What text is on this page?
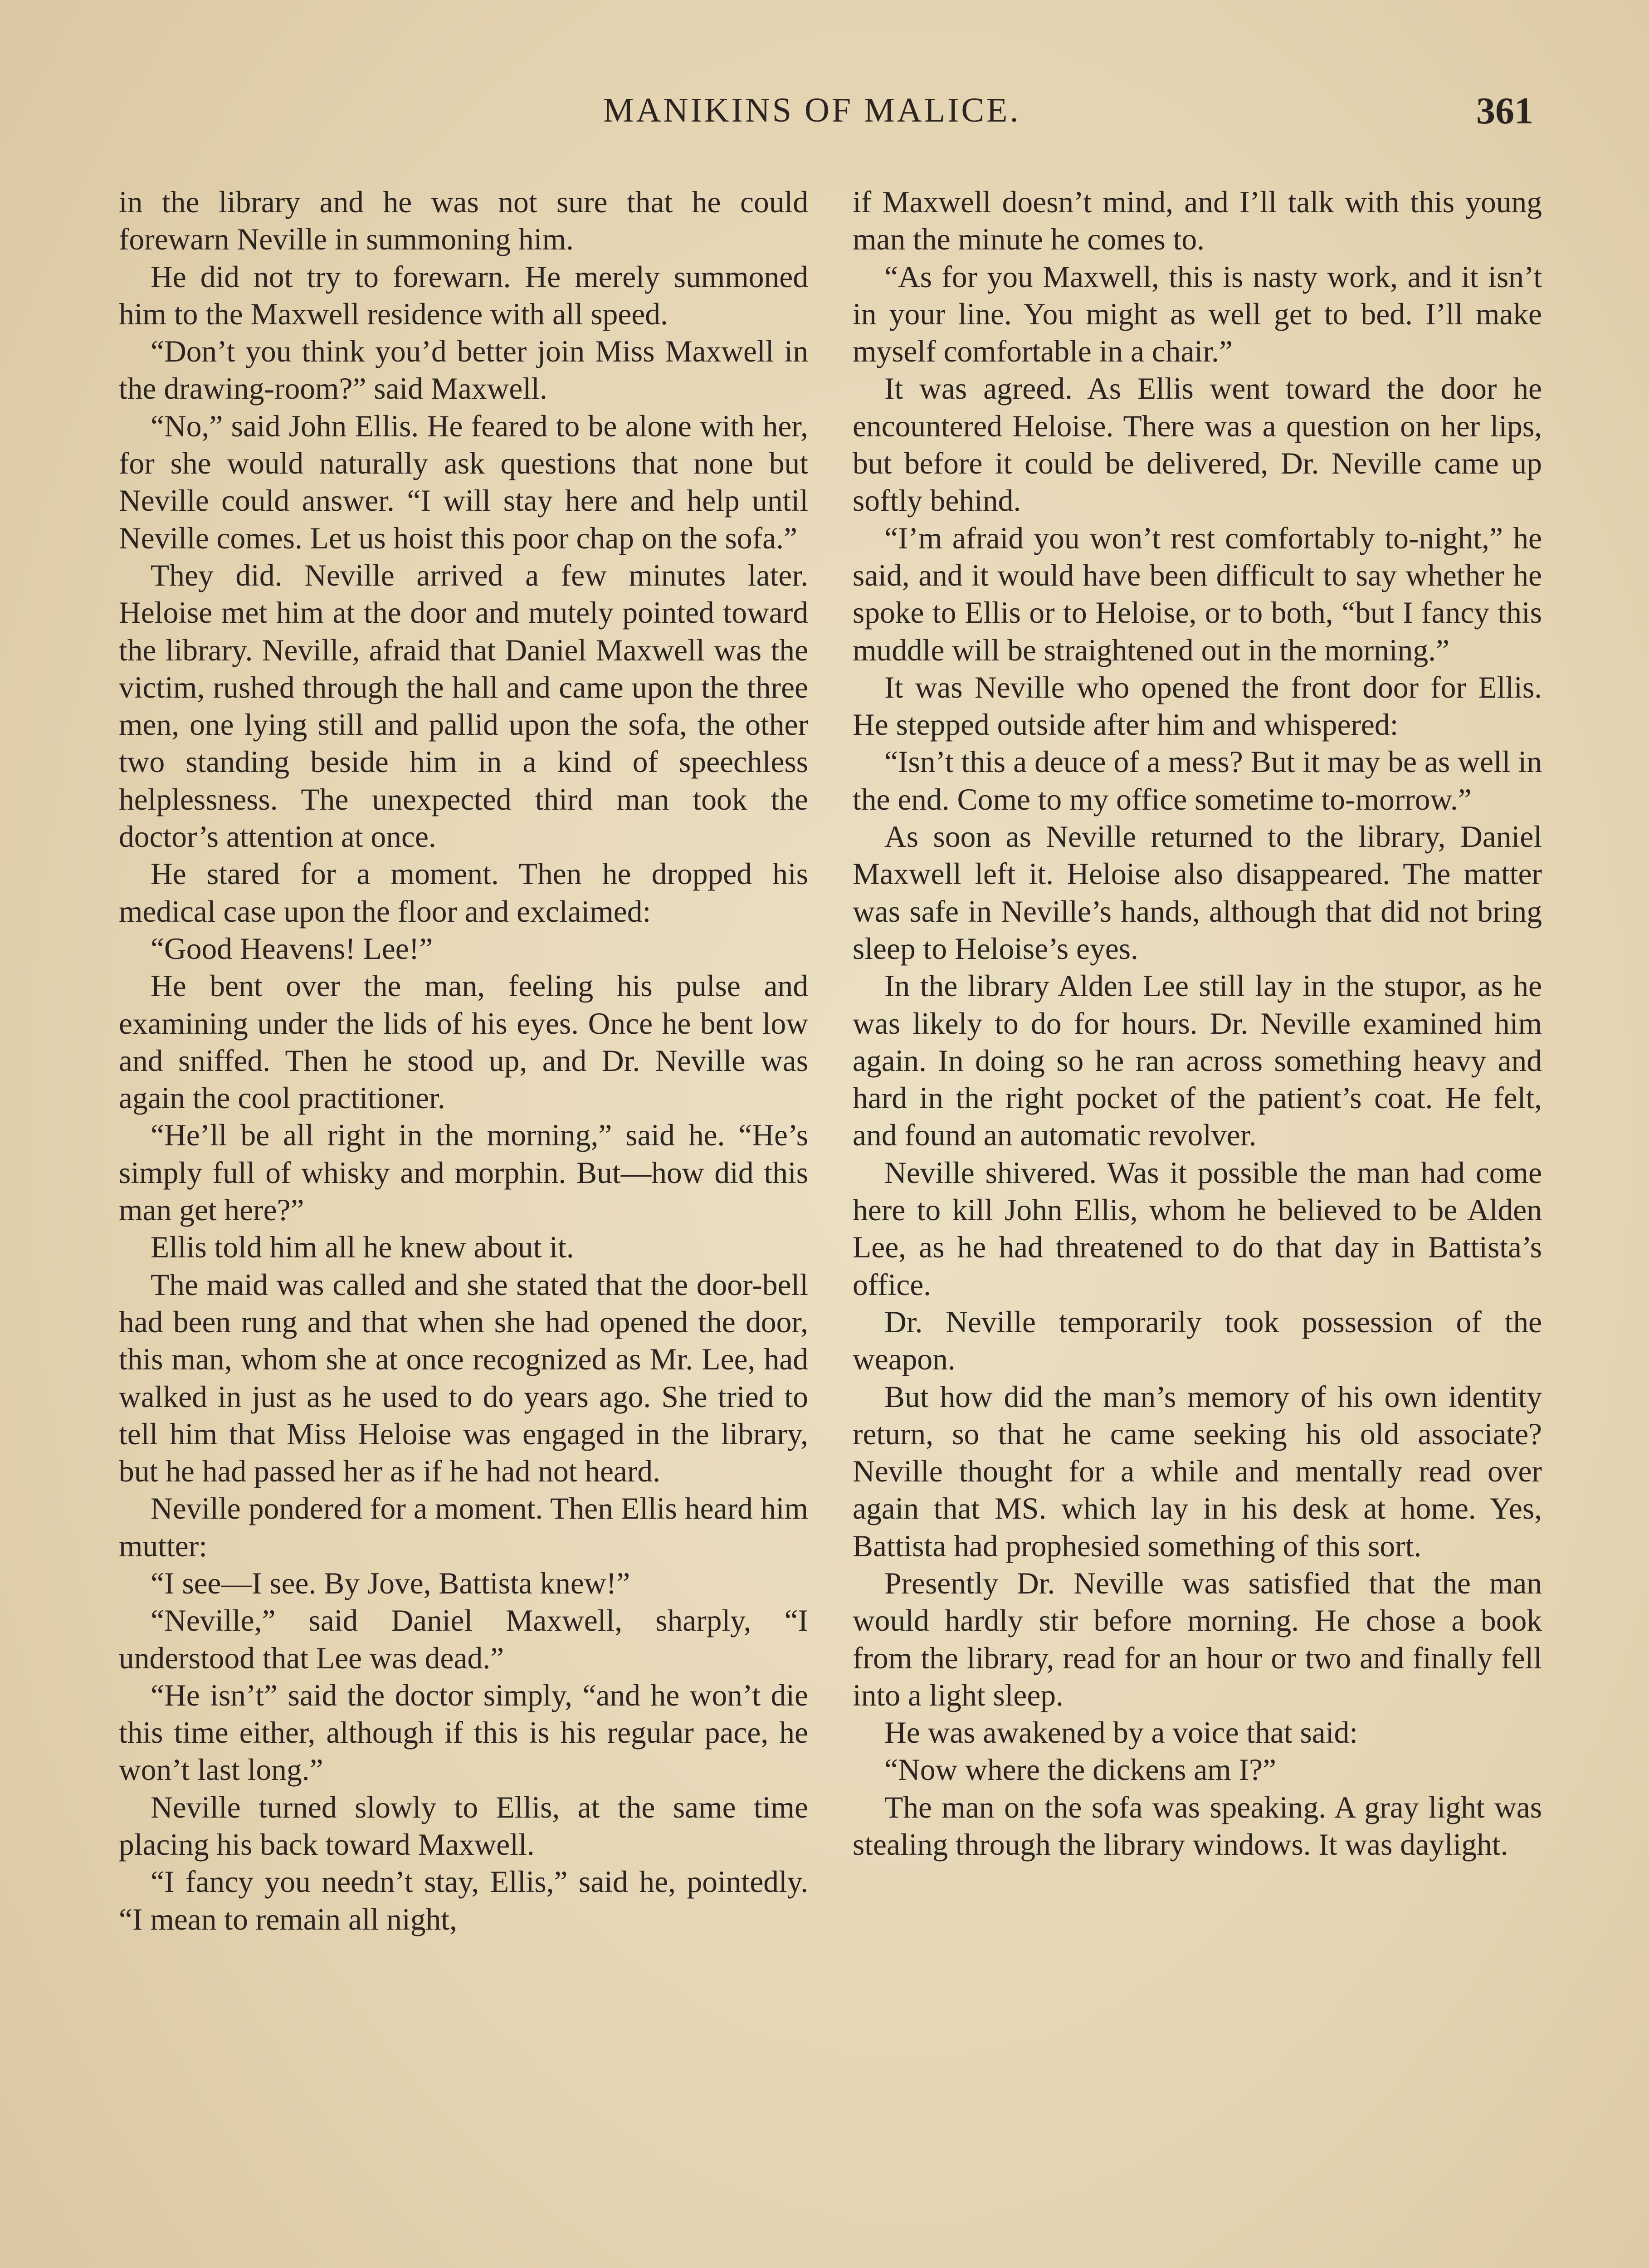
MANIKINS OF MALICE.	361

in the library and he was not sure that he could forewarn Neville in summoning him.

He did not try to forewarn. He merely summoned him to the Maxwell residence with all speed.

“Don’t you think you’d better join Miss Maxwell in the drawing-room?” said Maxwell.

“No,” said John Ellis. He feared to be alone with her, for she would naturally ask questions that none but Neville could answer. “I will stay here and help until Neville comes. Let us hoist this poor chap on the sofa.”

They did. Neville arrived a few minutes later. Heloise met him at the door and mutely pointed toward the library. Neville, afraid that Daniel Maxwell was the victim, rushed through the hall and came upon the three men, one lying still and pallid upon the sofa, the other two standing beside him in a kind of speechless helplessness. The unexpected third man took the doctor’s attention at once.

He stared for a moment. Then he dropped his medical case upon the floor and exclaimed:

“Good Heavens! Lee!”

He bent over the man, feeling his pulse and examining under the lids of his eyes. Once he bent low and sniffed. Then he stood up, and Dr. Neville was again the cool practitioner.

“He’ll be all right in the morning,” said he. “He’s simply full of whisky and morphin. But—how did this man get here?”

Ellis told him all he knew about it.

The maid was called and she stated that the door-bell had been rung and that when she had opened the door, this man, whom she at once recognized as Mr. Lee, had walked in just as he used to do years ago. She tried to tell him that Miss Heloise was engaged in the library, but he had passed her as if he had not heard.

Neville pondered for a moment. Then Ellis heard him mutter:

“I see—I see. By Jove, Battista knew!”

“Neville,” said Daniel Maxwell, sharply, “I understood that Lee was dead.”

“He isn’t” said the doctor simply, “and he won’t die this time either, although if this is his regular pace, he won’t last long.”

Neville turned slowly to Ellis, at the same time placing his back toward Maxwell.

“I fancy you needn’t stay, Ellis,” said he, pointedly. “I mean to remain all night,

if Maxwell doesn’t mind, and I’ll talk with this young man the minute he comes to.

“As for you Maxwell, this is nasty work, and it isn’t in your line. You might as well get to bed. I’ll make myself comfortable in a chair.”

It was agreed. As Ellis went toward the door he encountered Heloise. There was a question on her lips, but before it could be delivered, Dr. Neville came up softly behind.

“I’m afraid you won’t rest comfortably to-night,” he said, and it would have been difficult to say whether he spoke to Ellis or to Heloise, or to both, “but I fancy this muddle will be straightened out in the morning.”

It was Neville who opened the front door for Ellis. He stepped outside after him and whispered:

“Isn’t this a deuce of a mess? But it may be as well in the end. Come to my office sometime to-morrow.”

As soon as Neville returned to the library, Daniel Maxwell left it. Heloise also disappeared. The matter was safe in Neville’s hands, although that did not bring sleep to Heloise’s eyes.

In the library Alden Lee still lay in the stupor, as he was likely to do for hours. Dr. Neville examined him again. In doing so he ran across something heavy and hard in the right pocket of the patient’s coat. He felt, and found an automatic revolver.

Neville shivered. Was it possible the man had come here to kill John Ellis, whom he believed to be Alden Lee, as he had threatened to do that day in Battista’s office.

Dr. Neville temporarily took possession of the weapon.

But how did the man’s memory of his own identity return, so that he came seeking his old associate? Neville thought for a while and mentally read over again that MS. which lay in his desk at home. Yes, Battista had prophesied something of this sort.

Presently Dr. Neville was satisfied that the man would hardly stir before morning. He chose a book from the library, read for an hour or two and finally fell into a light sleep.

He was awakened by a voice that said:

“Now where the dickens am I?”

The man on the sofa was speaking. A gray light was stealing through the library windows. It was daylight.
